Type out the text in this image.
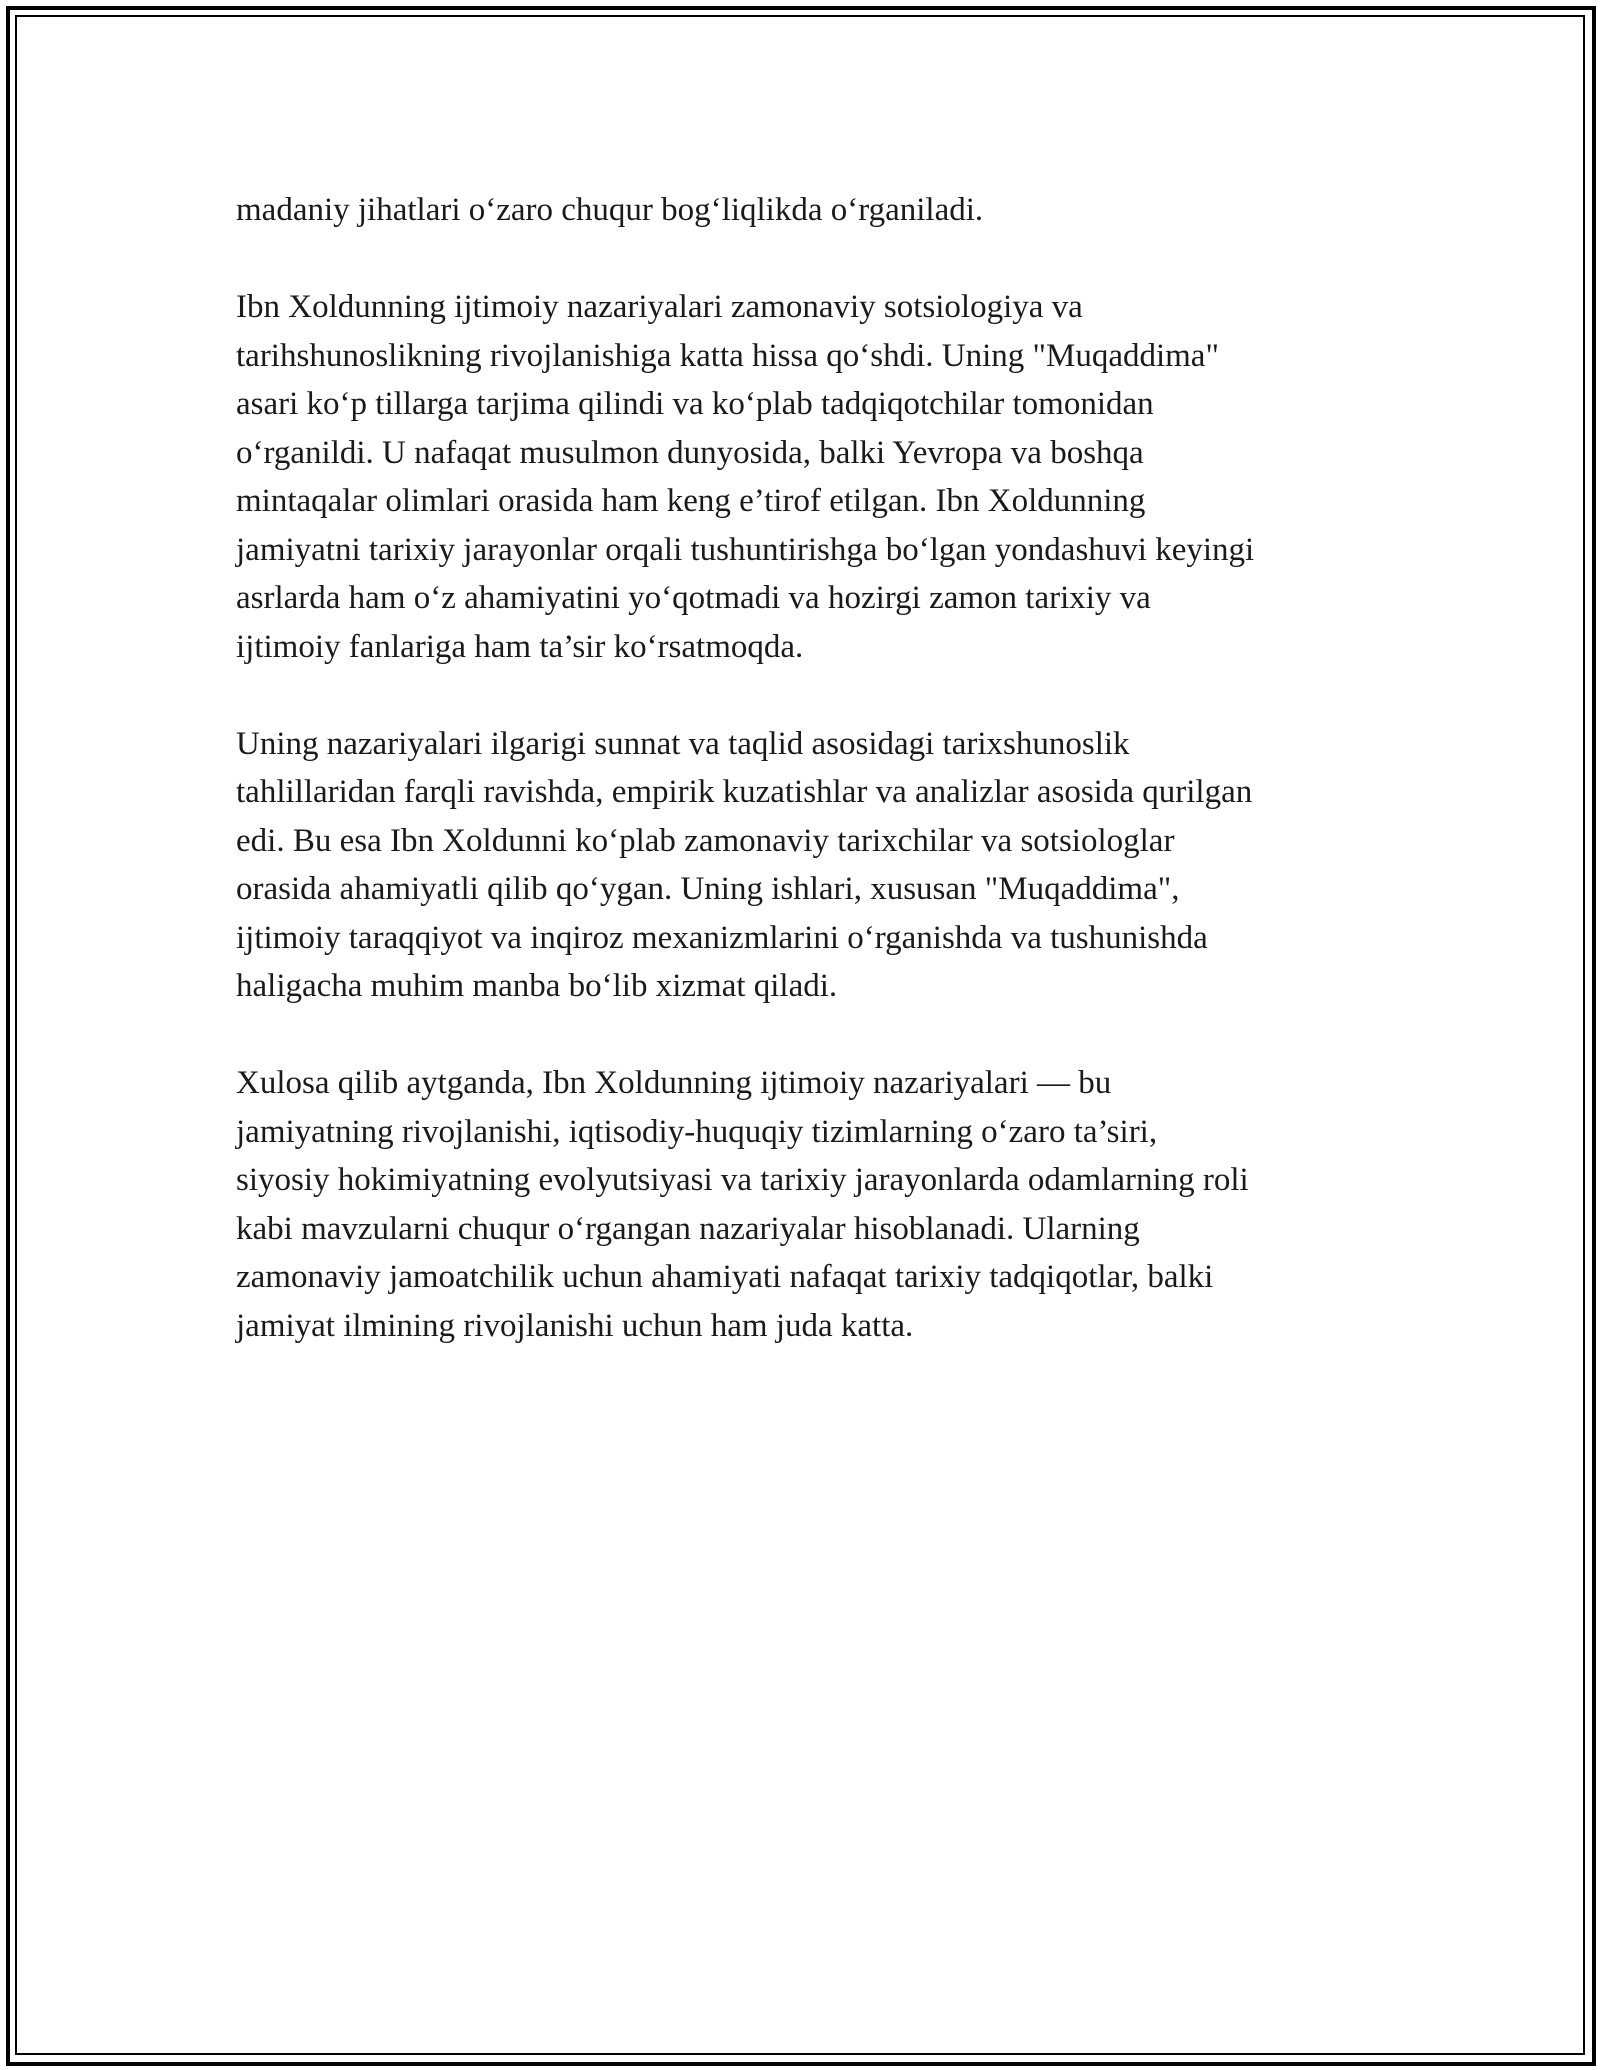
madaniy jihatlari o‘zaro chuqur bog‘liqlikda o‘rganiladi.

Ibn Xoldunning ijtimoiy nazariyalari zamonaviy sotsiologiya va
tarihshunoslikning rivojlanishiga katta hissa qo‘shdi. Uning "Muqaddima"
asari ko‘p tillarga tarjima qilindi va ko‘plab tadqiqotchilar tomonidan
o‘rganildi. U nafaqat musulmon dunyosida, balki Yevropa va boshqa
mintaqalar olimlari orasida ham keng e’tirof etilgan. Ibn Xoldunning
jamiyatni tarixiy jarayonlar orqali tushuntirishga bo‘lgan yondashuvi keyingi
asrlarda ham o‘z ahamiyatini yo‘qotmadi va hozirgi zamon tarixiy va
ijtimoiy fanlariga ham ta’sir ko‘rsatmoqda.

Uning nazariyalari ilgarigi sunnat va taqlid asosidagi tarixshunoslik
tahlillaridan farqli ravishda, empirik kuzatishlar va analizlar asosida qurilgan
edi. Bu esa Ibn Xoldunni ko‘plab zamonaviy tarixchilar va sotsiologlar
orasida ahamiyatli qilib qo‘ygan. Uning ishlari, xususan "Muqaddima",
ijtimoiy taraqqiyot va inqiroz mexanizmlarini o‘rganishda va tushunishda
haligacha muhim manba bo‘lib xizmat qiladi.

Xulosa qilib aytganda, Ibn Xoldunning ijtimoiy nazariyalari — bu
jamiyatning rivojlanishi, iqtisodiy-huquqiy tizimlarning o‘zaro ta’siri,
siyosiy hokimiyatning evolyutsiyasi va tarixiy jarayonlarda odamlarning roli
kabi mavzularni chuqur o‘rgangan nazariyalar hisoblanadi. Ularning
zamonaviy jamoatchilik uchun ahamiyati nafaqat tarixiy tadqiqotlar, balki
jamiyat ilmining rivojlanishi uchun ham juda katta.
